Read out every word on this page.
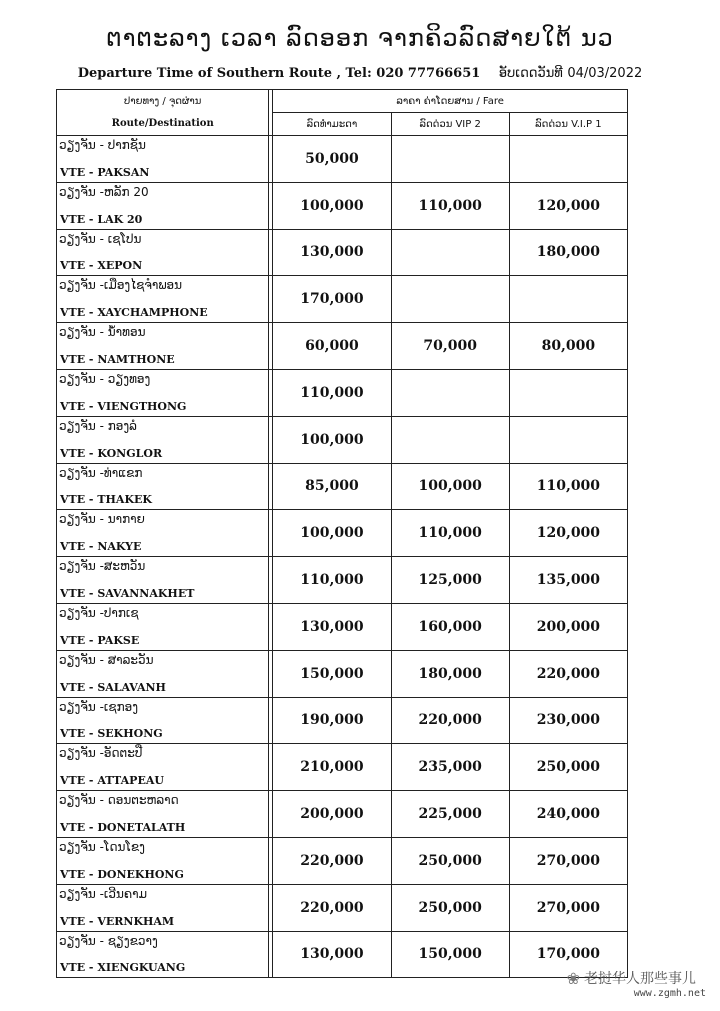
ຕາຕະລາງ ເວລາ ລົດອອກ ຈາກຄິວລົດສາຍໃຕ້ ນວ
Departure Time of Southern Route , Tel: 020 77766651 ອັບເດດວັນທີ 04/03/2022
ປາຍທາງ / ຈຸດຜ່ານ		ລາຄາ ຄ່າໂດຍສານ / Fare		
Route/Destination		ລົດທຳມະດາ	ລົດດ່ວນ VIP 2	ລົດດ່ວນ V.I.P 1

ວຽງຈັນ - ປາກຊັນ
VTE - PAKSAN		50,000		

ວຽງຈັນ -ຫລັກ 20
VTE - LAK 20		100,000	110,000	120,000

ວຽງຈັນ - ເຊໂປນ
VTE - XEPON		130,000		180,000

ວຽງຈັນ -ເມືອງໄຊຈຳພອນ
VTE - XAYCHAMPHONE		170,000		

ວຽງຈັນ - ນ້ຳທອນ
VTE - NAMTHONE		60,000	70,000	80,000

ວຽງຈັນ - ວຽງທອງ
VTE - VIENGTHONG		110,000		

ວຽງຈັນ - ກອງລໍ
VTE - KONGLOR		100,000		

ວຽງຈັນ -ທ່າແຂກ
VTE - THAKEK		85,000	100,000	110,000

ວຽງຈັນ - ນາກາຍ
VTE - NAKYE		100,000	110,000	120,000

ວຽງຈັນ -ສະຫວັນ
VTE - SAVANNAKHET		110,000	125,000	135,000

ວຽງຈັນ -ປາກເຊ
VTE - PAKSE		130,000	160,000	200,000

ວຽງຈັນ - ສາລະວັນ
VTE - SALAVANH		150,000	180,000	220,000

ວຽງຈັນ -ເຊກອງ
VTE - SEKHONG		190,000	220,000	230,000

ວຽງຈັນ -ອັດຕະປື
VTE - ATTAPEAU		210,000	235,000	250,000

ວຽງຈັນ - ດອນຕະຫລາດ
VTE - DONETALATH		200,000	225,000	240,000

ວຽງຈັນ -ໂດນໂຂງ
VTE - DONEKHONG		220,000	250,000	270,000

ວຽງຈັນ -ເວີນຄາມ
VTE - VERNKHAM		220,000	250,000	270,000

ວຽງຈັນ - ຊຽງຂວາງ
VTE - XIENGKUANG		130,000	150,000	170,000
❀ 老挝华人那些事儿
www.zgmh.net
